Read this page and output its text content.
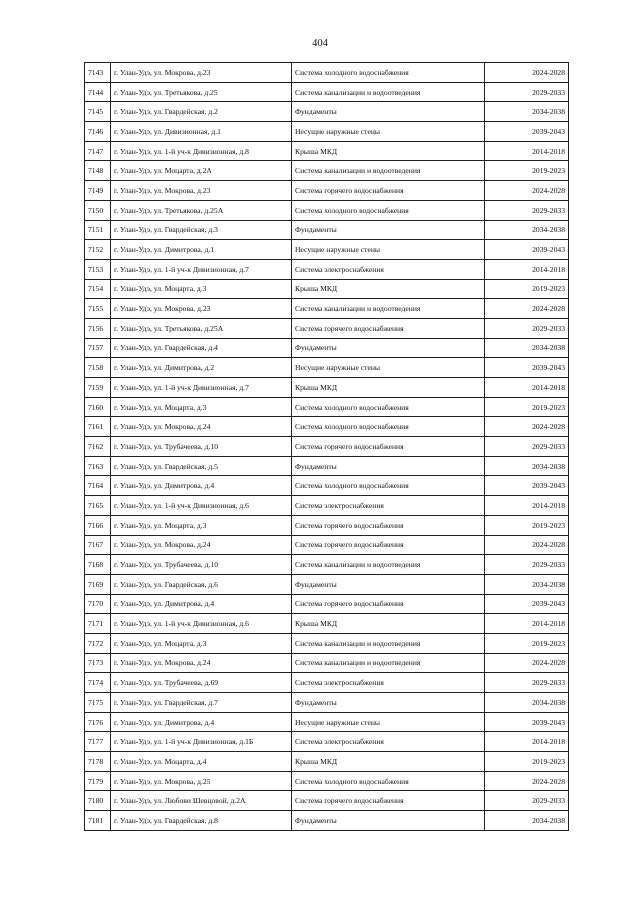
404
7143	г. Улан-Удэ, ул. Мокрова, д.23	Система холодного водоснабжения	2024-2028
7144	г. Улан-Удэ, ул. Третьякова, д.25	Система канализации и водоотведения	2029-2033
7145	г. Улан-Удэ, ул. Гвардейская, д.2	Фундаменты	2034-2038
7146	г. Улан-Удэ, ул. Дивизионная, д.1	Несущие наружные стены	2039-2043
7147	г. Улан-Удэ, ул. 1-й уч-к Дивизионная, д.8	Крыша МКД	2014-2018
7148	г. Улан-Удэ, ул. Моцарта, д.2А	Система канализации и водоотведения	2019-2023
7149	г. Улан-Удэ, ул. Мокрова, д.23	Система горячего водоснабжения	2024-2028
7150	г. Улан-Удэ, ул. Третьякова, д.25А	Система холодного водоснабжения	2029-2033
7151	г. Улан-Удэ, ул. Гвардейская, д.3	Фундаменты	2034-2038
7152	г. Улан-Удэ, ул. Димитрова, д.1	Несущие наружные стены	2039-2043
7153	г. Улан-Удэ, ул. 1-й уч-к Дивизионная, д.7	Система электроснабжения	2014-2018
7154	г. Улан-Удэ, ул. Моцарта, д.3	Крыша МКД	2019-2023
7155	г. Улан-Удэ, ул. Мокрова, д.23	Система канализации и водоотведения	2024-2028
7156	г. Улан-Удэ, ул. Третьякова, д.25А	Система горячего водоснабжения	2029-2033
7157	г. Улан-Удэ, ул. Гвардейская, д.4	Фундаменты	2034-2038
7158	г. Улан-Удэ, ул. Димитрова, д.2	Несущие наружные стены	2039-2043
7159	г. Улан-Удэ, ул. 1-й уч-к Дивизионная, д.7	Крыша МКД	2014-2018
7160	г. Улан-Удэ, ул. Моцарта, д.3	Система холодного водоснабжения	2019-2023
7161	г. Улан-Удэ, ул. Мокрова, д.24	Система холодного водоснабжения	2024-2028
7162	г. Улан-Удэ, ул. Трубачеева, д.10	Система горячего водоснабжения	2029-2033
7163	г. Улан-Удэ, ул. Гвардейская, д.5	Фундаменты	2034-2038
7164	г. Улан-Удэ, ул. Димитрова, д.4	Система холодного водоснабжения	2039-2043
7165	г. Улан-Удэ, ул. 1-й уч-к Дивизионная, д.6	Система электроснабжения	2014-2018
7166	г. Улан-Удэ, ул. Моцарта, д.3	Система горячего водоснабжения	2019-2023
7167	г. Улан-Удэ, ул. Мокрова, д.24	Система горячего водоснабжения	2024-2028
7168	г. Улан-Удэ, ул. Трубачеева, д.10	Система канализации и водоотведения	2029-2033
7169	г. Улан-Удэ, ул. Гвардейская, д.6	Фундаменты	2034-2038
7170	г. Улан-Удэ, ул. Димитрова, д.4	Система горячего водоснабжения	2039-2043
7171	г. Улан-Удэ, ул. 1-й уч-к Дивизионная, д.6	Крыша МКД	2014-2018
7172	г. Улан-Удэ, ул. Моцарта, д.3	Система канализации и водоотведения	2019-2023
7173	г. Улан-Удэ, ул. Мокрова, д.24	Система канализации и водоотведения	2024-2028
7174	г. Улан-Удэ, ул. Трубачеева, д.69	Система электроснабжения	2029-2033
7175	г. Улан-Удэ, ул. Гвардейская, д.7	Фундаменты	2034-2038
7176	г. Улан-Удэ, ул. Димитрова, д.4	Несущие наружные стены	2039-2043
7177	г. Улан-Удэ, ул. 1-й уч-к Дивизионная, д.1Б	Система электроснабжения	2014-2018
7178	г. Улан-Удэ, ул. Моцарта, д.4	Крыша МКД	2019-2023
7179	г. Улан-Удэ, ул. Мокрова, д.25	Система холодного водоснабжения	2024-2028
7180	г. Улан-Удэ, ул. Любови Шевцовой, д.2А	Система горячего водоснабжения	2029-2033
7181	г. Улан-Удэ, ул. Гвардейская, д.8	Фундаменты	2034-2038
